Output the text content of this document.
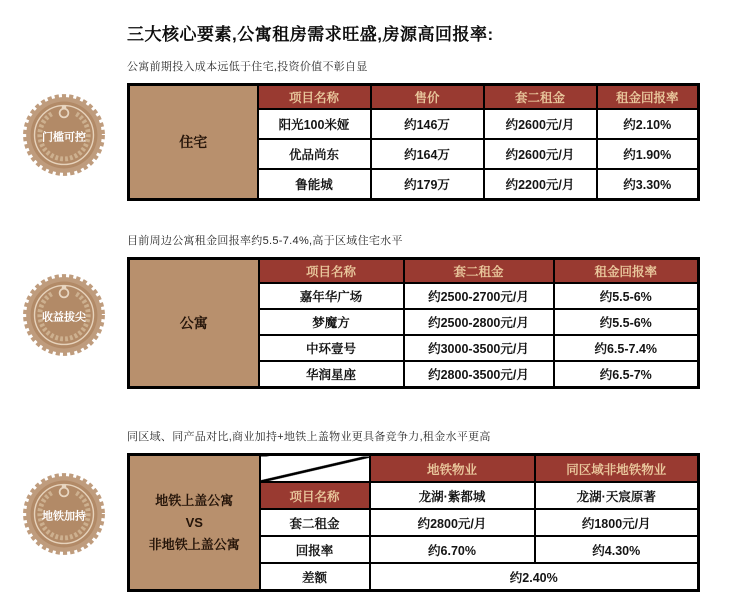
三大核心要素,公寓租房需求旺盛,房源高回报率:
门槛可控
公寓前期投入成本远低于住宅,投资价值不彰自显
住宅	项目名称	售价	套二租金	租金回报率
	阳光100米娅	约146万	约2600元/月	约2.10%
	优品尚东	约164万	约2600元/月	约1.90%
	鲁能城	约179万	约2200元/月	约3.30%
收益拔尖
目前周边公寓租金回报率约5.5-7.4%,高于区域住宅水平
公寓	项目名称	套二租金	租金回报率
	嘉年华广场	约2500-2700元/月	约5.5-6%
	梦魔方	约2500-2800元/月	约5.5-6%
	中环壹号	约3000-3500元/月	约6.5-7.4%
	华润星座	约2800-3500元/月	约6.5-7%
地铁加持
同区域、同产品对比,商业加持+地铁上盖物业更具备竞争力,租金水平更高
地铁上盖公寓
VS
非地铁上盖公寓		地铁物业	同区域非地铁物业
	项目名称	龙湖·紫都城	龙湖·天宸原著
	套二租金	约2800元/月	约1800元/月
	回报率	约6.70%	约4.30%
	差额	约2.40%	
